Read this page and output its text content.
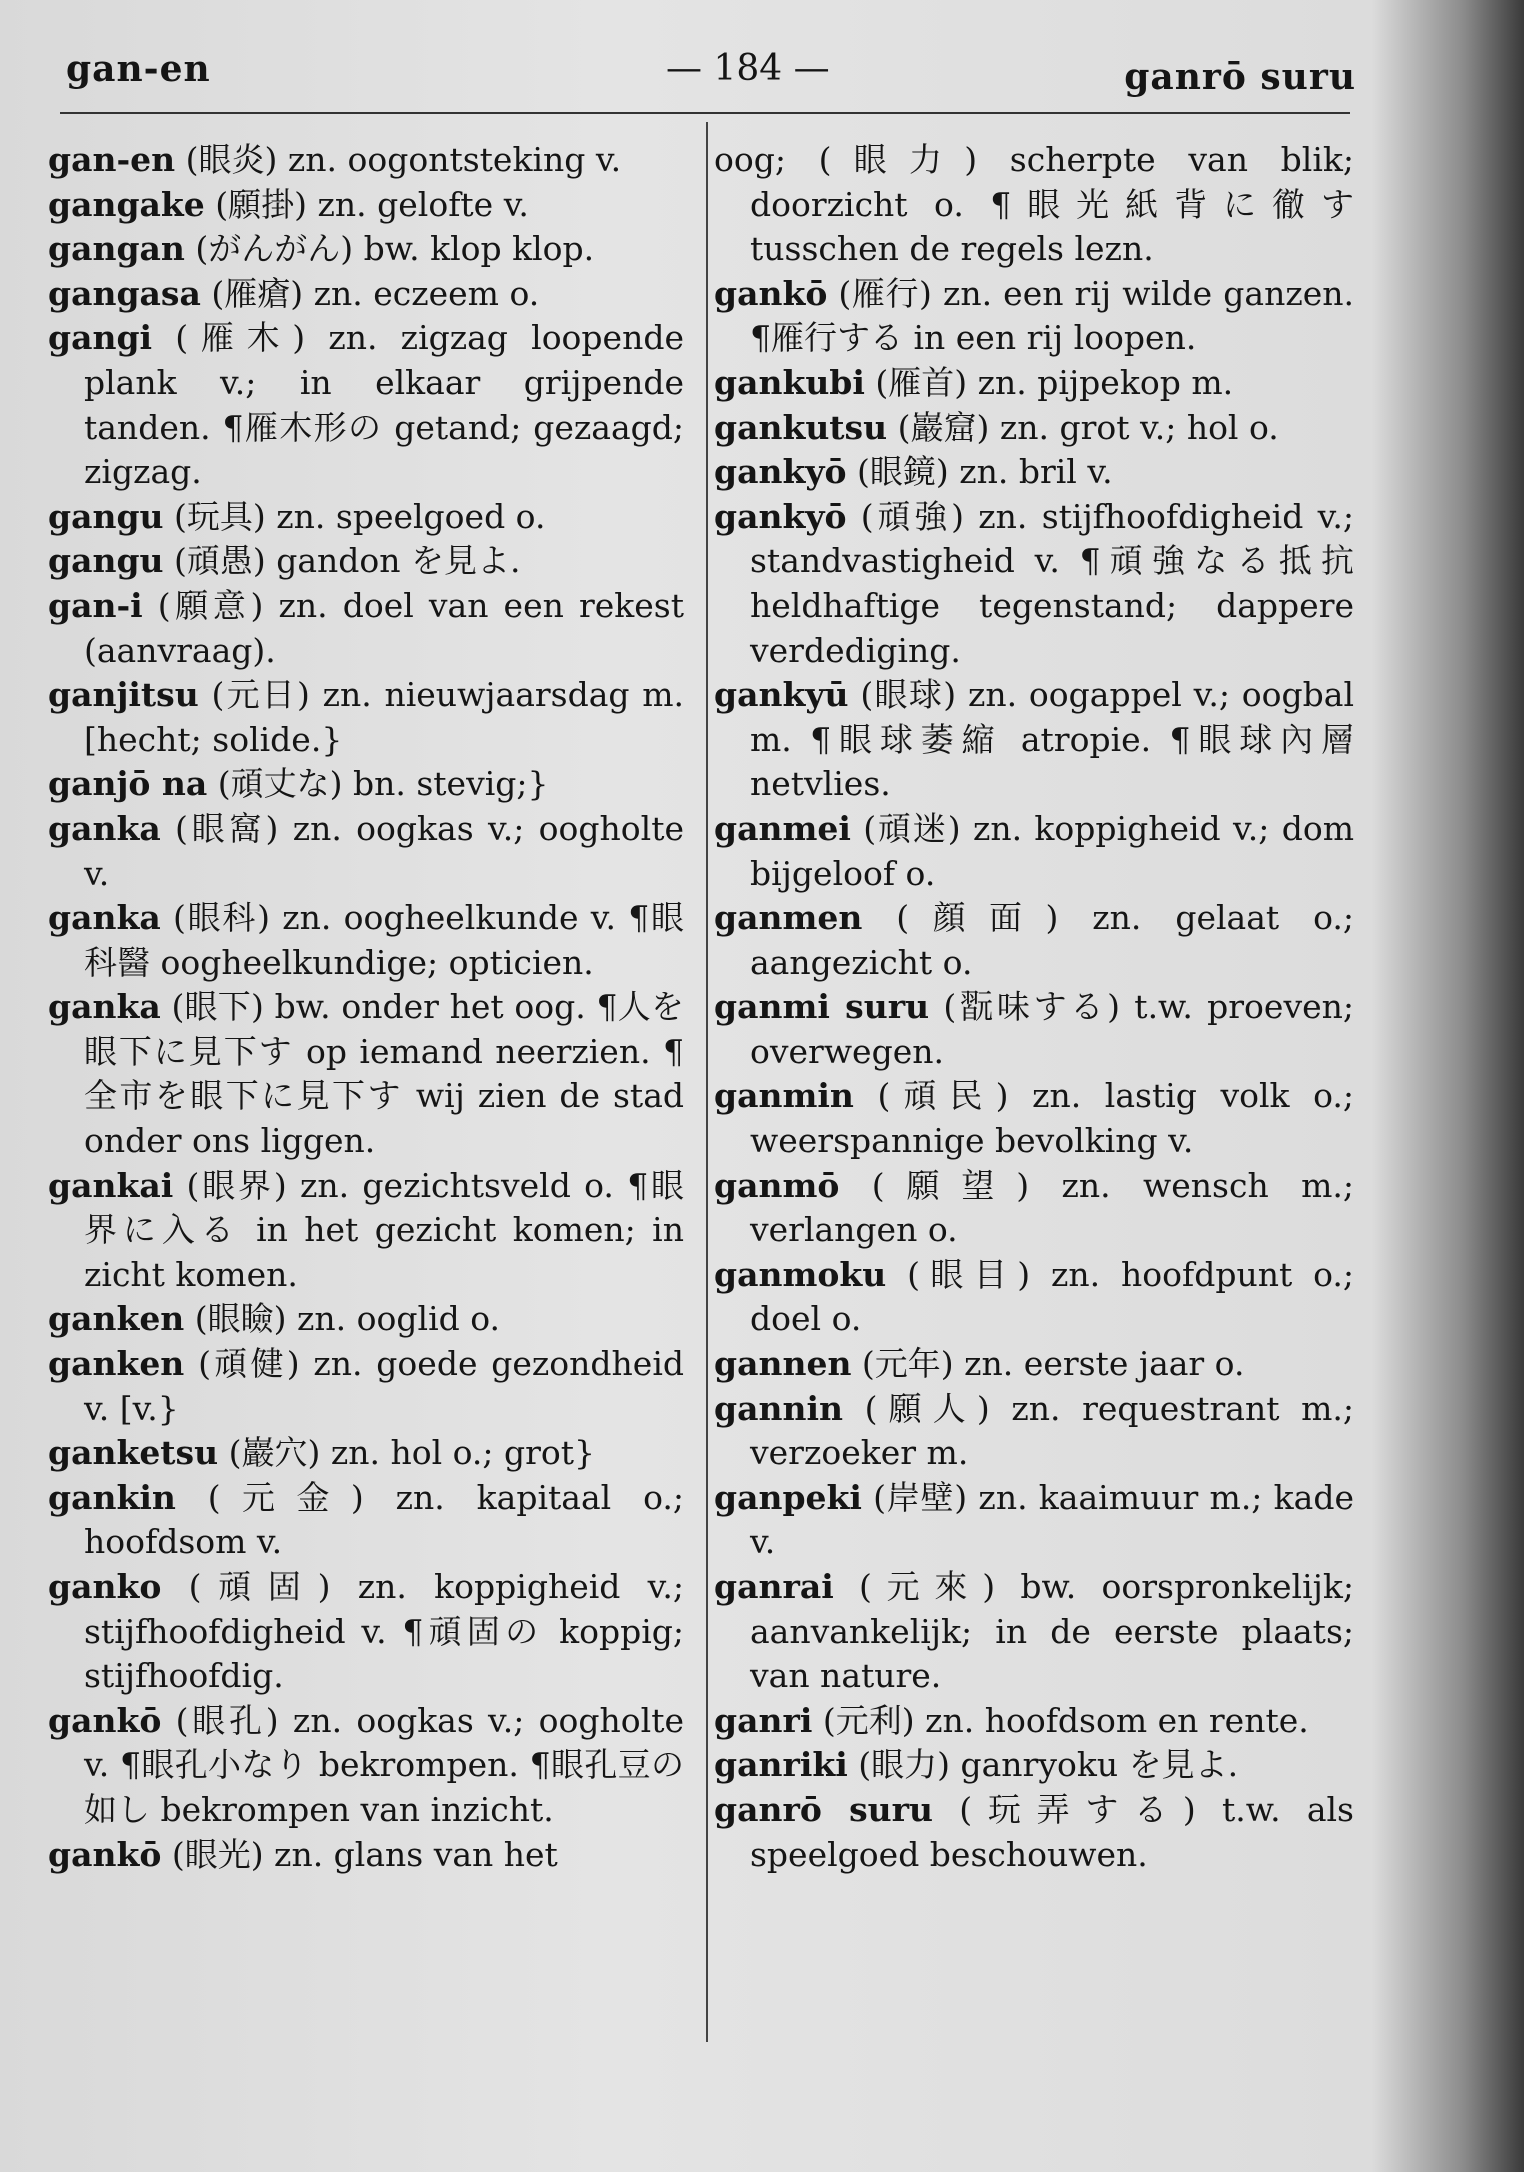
gan-en	— 184 —	ganrō suru

gan-en (眼炎) zn. oogontsteking v.

gangake (願掛) zn. gelofte v.

gangan (がんがん) bw. klop klop.

gangasa (雁瘡) zn. eczeem o.

gangi (雁木) zn. zigzag loopende plank v.; in elkaar grijpende tanden. ¶雁木形の getand; gezaagd; zigzag.

gangu (玩具) zn. speelgoed o.

gangu (頑愚) gandon を見よ.

gan-i (願意) zn. doel van een rekest (aanvraag).

ganjitsu (元日) zn. nieuwjaarsdag m. [hecht; solide.}

ganjō na (頑丈な) bn. stevig;}

ganka (眼窩) zn. oogkas v.; oogholte v.

ganka (眼科) zn. oogheelkunde v. ¶眼科醫 oogheelkundige; opticien.

ganka (眼下) bw. onder het oog. ¶人を眼下に見下す op iemand neerzien. ¶全市を眼下に見下す wij zien de stad onder ons liggen.

gankai (眼界) zn. gezichtsveld o. ¶眼界に入る in het gezicht komen; in zicht komen.

ganken (眼瞼) zn. ooglid o.

ganken (頑健) zn. goede gezondheid v. [v.}

ganketsu (巖穴) zn. hol o.; grot}

gankin (元金) zn. kapitaal o.; hoofdsom v.

ganko (頑固) zn. koppigheid v.; stijfhoofdigheid v. ¶頑固の koppig; stijfhoofdig.

gankō (眼孔) zn. oogkas v.; oogholte v. ¶眼孔小なり bekrompen. ¶眼孔豆の如し bekrompen van inzicht.

gankō (眼光) zn. glans van het

oog; (眼力) scherpte van blik; doorzicht o. ¶眼光紙背に徹す tusschen de regels lezn.

gankō (雁行) zn. een rij wilde ganzen. ¶雁行する in een rij loopen.

gankubi (雁首) zn. pijpekop m.

gankutsu (巖窟) zn. grot v.; hol o.

gankyō (眼鏡) zn. bril v.

gankyō (頑強) zn. stijfhoofdigheid v.; standvastigheid v. ¶頑強なる抵抗 heldhaftige tegenstand; dappere verdediging.

gankyū (眼球) zn. oogappel v.; oogbal m. ¶眼球萎縮 atropie. ¶眼球內層 netvlies.

ganmei (頑迷) zn. koppigheid v.; dom bijgeloof o.

ganmen (顔面) zn. gelaat o.; aangezicht o.

ganmi suru (翫味する) t.w. proeven; overwegen.

ganmin (頑民) zn. lastig volk o.; weerspannige bevolking v.

ganmō (願望) zn. wensch m.; verlangen o.

ganmoku (眼目) zn. hoofdpunt o.; doel o.

gannen (元年) zn. eerste jaar o.

gannin (願人) zn. requestrant m.; verzoeker m.

ganpeki (岸壁) zn. kaaimuur m.; kade v.

ganrai (元來) bw. oorspronkelijk; aanvankelijk; in de eerste plaats; van nature.

ganri (元利) zn. hoofdsom en rente.

ganriki (眼力) ganryoku を見よ.

ganrō suru (玩弄する) t.w. als speelgoed beschouwen.
